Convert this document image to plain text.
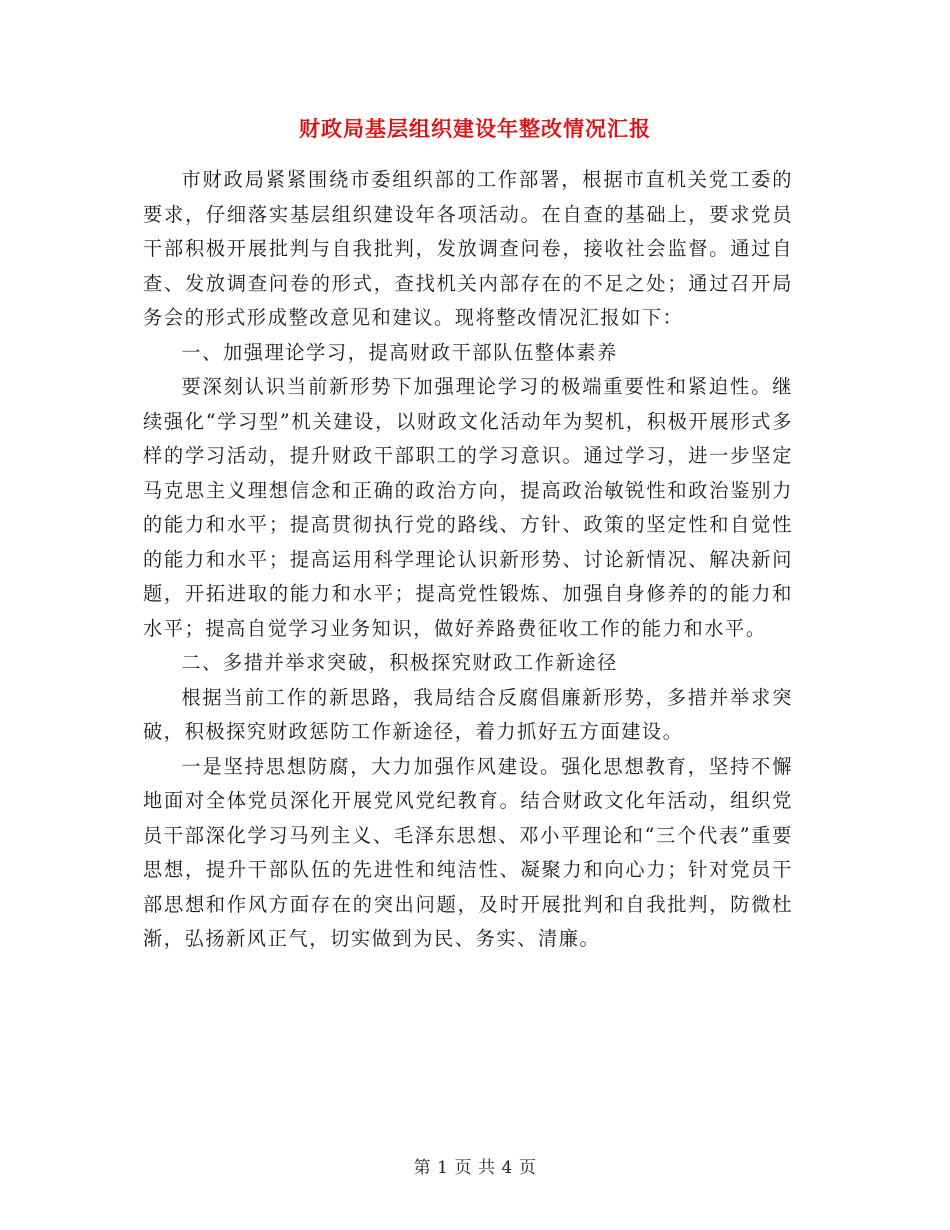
财政局基层组织建设年整改情况汇报

市财政局紧紧围绕市委组织部的工作部署，根据市直机关党工委的要求，仔细落实基层组织建设年各项活动。在自查的基础上，要求党员干部积极开展批判与自我批判，发放调查问卷，接收社会监督。通过自查、发放调查问卷的形式，查找机关内部存在的不足之处；通过召开局务会的形式形成整改意见和建议。现将整改情况汇报如下：

一、加强理论学习，提高财政干部队伍整体素养

要深刻认识当前新形势下加强理论学习的极端重要性和紧迫性。继续强化“学习型”机关建设，以财政文化活动年为契机，积极开展形式多样的学习活动，提升财政干部职工的学习意识。通过学习，进一步坚定马克思主义理想信念和正确的政治方向，提高政治敏锐性和政治鉴别力的能力和水平；提高贯彻执行党的路线、方针、政策的坚定性和自觉性的能力和水平；提高运用科学理论认识新形势、讨论新情况、解决新问题，开拓进取的能力和水平；提高党性锻炼、加强自身修养的的能力和水平；提高自觉学习业务知识，做好养路费征收工作的能力和水平。

二、多措并举求突破，积极探究财政工作新途径

根据当前工作的新思路，我局结合反腐倡廉新形势，多措并举求突破，积极探究财政惩防工作新途径，着力抓好五方面建设。

一是坚持思想防腐，大力加强作风建设。强化思想教育，坚持不懈地面对全体党员深化开展党风党纪教育。结合财政文化年活动，组织党员干部深化学习马列主义、毛泽东思想、邓小平理论和“三个代表”重要思想，提升干部队伍的先进性和纯洁性、凝聚力和向心力；针对党员干部思想和作风方面存在的突出问题，及时开展批判和自我批判，防微杜渐，弘扬新风正气，切实做到为民、务实、清廉。

第 1 页 共 4 页
